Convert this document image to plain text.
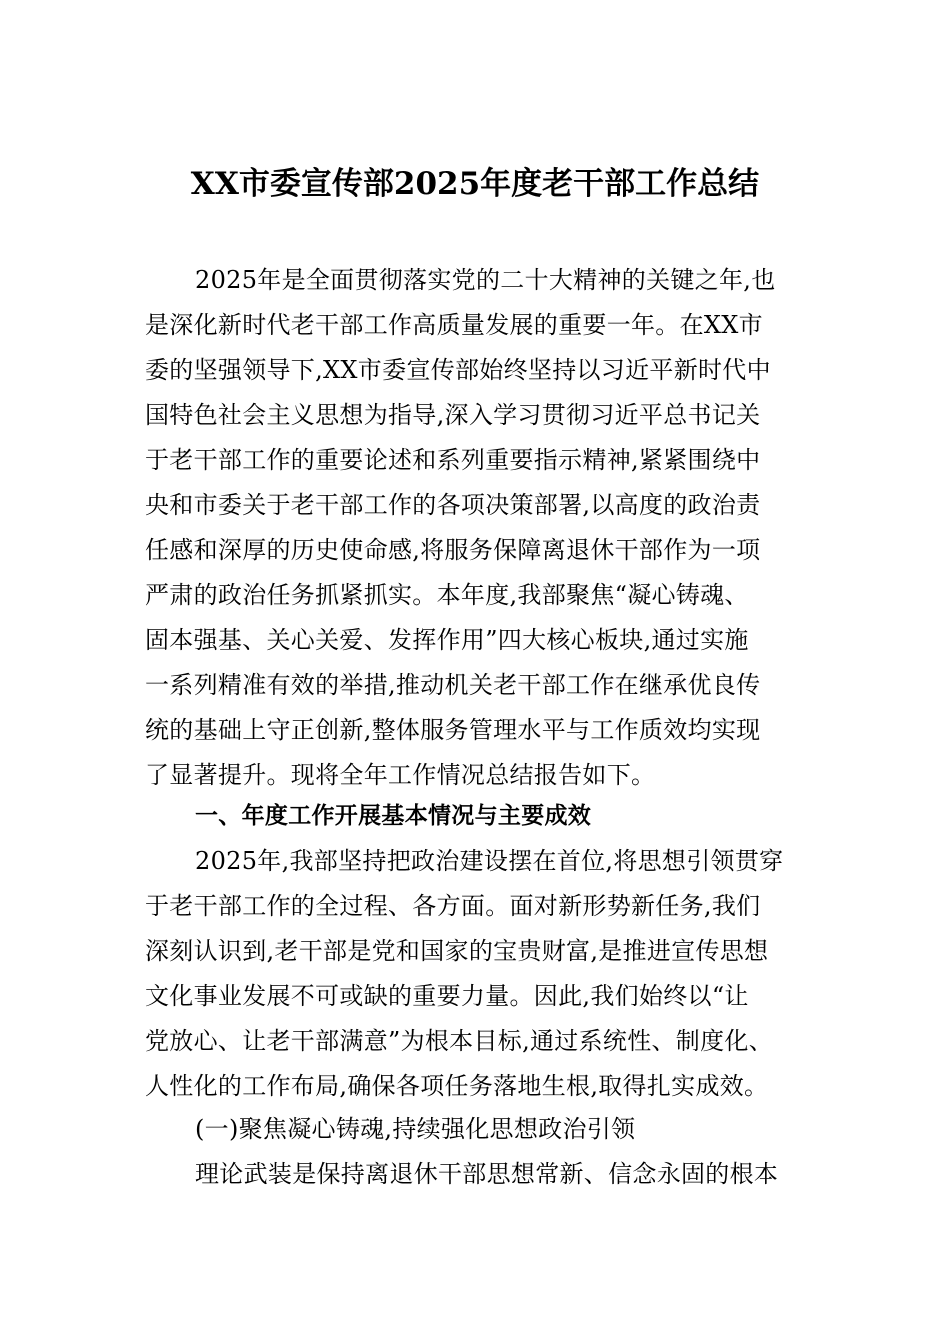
XX市委宣传部2025年度老干部工作总结
2025年是全面贯彻落实党的二十大精神的关键之年,也
是深化新时代老干部工作高质量发展的重要一年。在XX市
委的坚强领导下,XX市委宣传部始终坚持以习近平新时代中
国特色社会主义思想为指导,深入学习贯彻习近平总书记关
于老干部工作的重要论述和系列重要指示精神,紧紧围绕中
央和市委关于老干部工作的各项决策部署,以高度的政治责
任感和深厚的历史使命感,将服务保障离退休干部作为一项
严肃的政治任务抓紧抓实。本年度,我部聚焦“凝心铸魂、
固本强基、关心关爱、发挥作用”四大核心板块,通过实施
一系列精准有效的举措,推动机关老干部工作在继承优良传
统的基础上守正创新,整体服务管理水平与工作质效均实现
了显著提升。现将全年工作情况总结报告如下。
一、年度工作开展基本情况与主要成效
2025年,我部坚持把政治建设摆在首位,将思想引领贯穿
于老干部工作的全过程、各方面。面对新形势新任务,我们
深刻认识到,老干部是党和国家的宝贵财富,是推进宣传思想
文化事业发展不可或缺的重要力量。因此,我们始终以“让
党放心、让老干部满意”为根本目标,通过系统性、制度化、
人性化的工作布局,确保各项任务落地生根,取得扎实成效。
(一)聚焦凝心铸魂,持续强化思想政治引领
理论武装是保持离退休干部思想常新、信念永固的根本
